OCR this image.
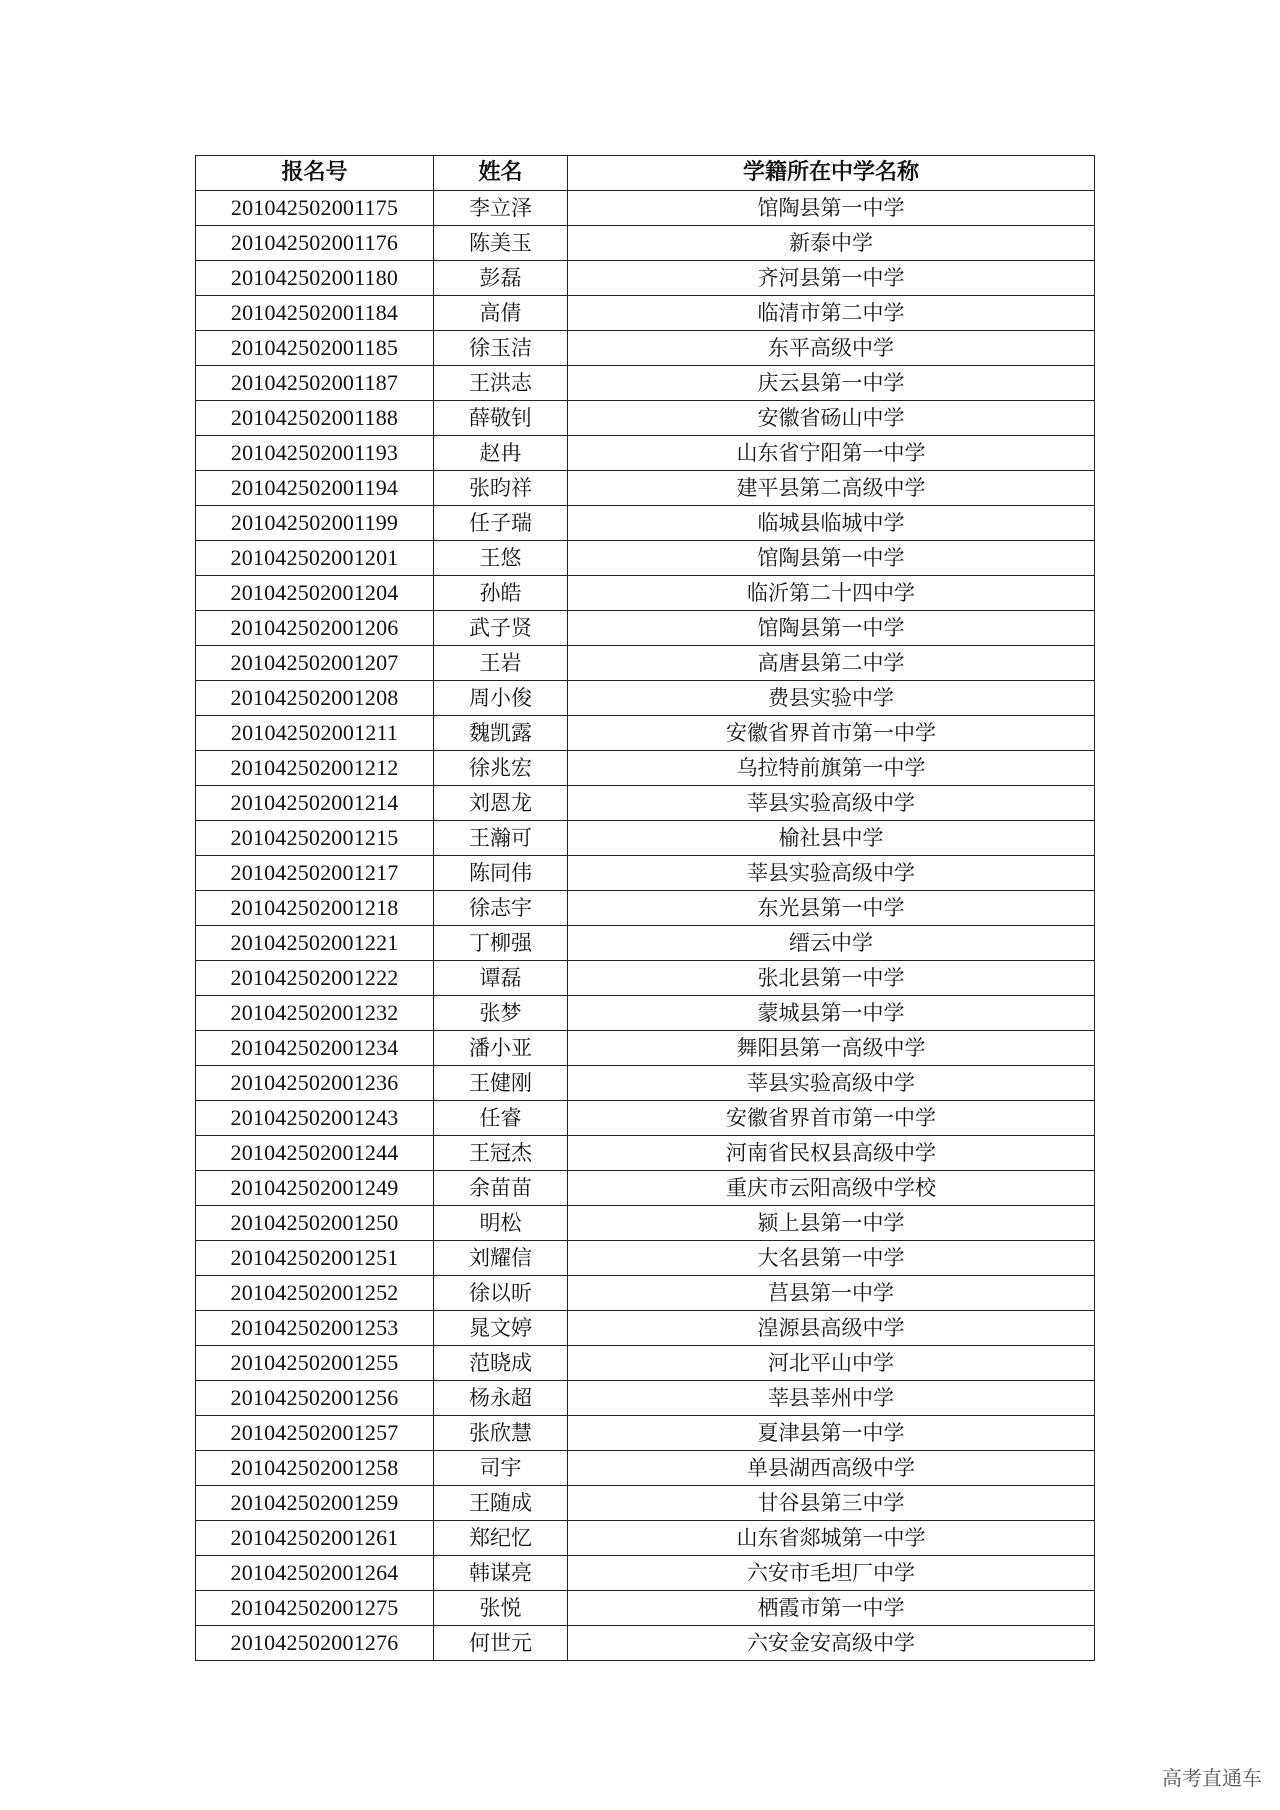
报名号	姓名	学籍所在中学名称
201042502001175	李立泽	馆陶县第一中学
201042502001176	陈美玉	新泰中学
201042502001180	彭磊	齐河县第一中学
201042502001184	高倩	临清市第二中学
201042502001185	徐玉洁	东平高级中学
201042502001187	王洪志	庆云县第一中学
201042502001188	薛敬钊	安徽省砀山中学
201042502001193	赵冉	山东省宁阳第一中学
201042502001194	张昀祥	建平县第二高级中学
201042502001199	任子瑞	临城县临城中学
201042502001201	王悠	馆陶县第一中学
201042502001204	孙皓	临沂第二十四中学
201042502001206	武子贤	馆陶县第一中学
201042502001207	王岩	高唐县第二中学
201042502001208	周小俊	费县实验中学
201042502001211	魏凯露	安徽省界首市第一中学
201042502001212	徐兆宏	乌拉特前旗第一中学
201042502001214	刘恩龙	莘县实验高级中学
201042502001215	王瀚可	榆社县中学
201042502001217	陈同伟	莘县实验高级中学
201042502001218	徐志宇	东光县第一中学
201042502001221	丁柳强	缙云中学
201042502001222	谭磊	张北县第一中学
201042502001232	张梦	蒙城县第一中学
201042502001234	潘小亚	舞阳县第一高级中学
201042502001236	王健刚	莘县实验高级中学
201042502001243	任睿	安徽省界首市第一中学
201042502001244	王冠杰	河南省民权县高级中学
201042502001249	余苗苗	重庆市云阳高级中学校
201042502001250	明松	颍上县第一中学
201042502001251	刘耀信	大名县第一中学
201042502001252	徐以昕	莒县第一中学
201042502001253	晁文婷	湟源县高级中学
201042502001255	范晓成	河北平山中学
201042502001256	杨永超	莘县莘州中学
201042502001257	张欣慧	夏津县第一中学
201042502001258	司宇	单县湖西高级中学
201042502001259	王随成	甘谷县第三中学
201042502001261	郑纪忆	山东省郯城第一中学
201042502001264	韩谋亮	六安市毛坦厂中学
201042502001275	张悦	栖霞市第一中学
201042502001276	何世元	六安金安高级中学
高考直通车
